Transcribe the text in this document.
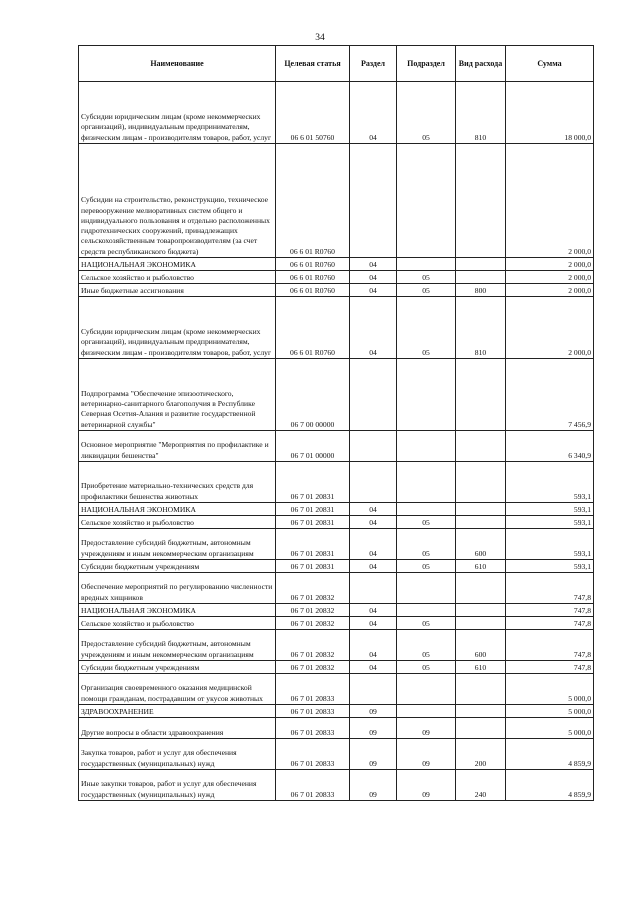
34
Наименование	Целевая статья	Раздел	Подраздел	Вид расхода	Сумма
Субсидии юридическим лицам (кроме некоммерческих организаций), индивидуальным предпринимателям, физическим лицам - производителям товаров, работ, услуг	06 6 01 50760	04	05	810	18 000,0
Субсидии на строительство, реконструкцию, техническое перевооружение мелиоративных систем общего и индивидуального пользования и отдельно расположенных гидротехнических сооружений, принадлежащих сельскохозяйственным товаропроизводителям (за счет средств республиканского бюджета)	06 6 01 R0760				2 000,0
НАЦИОНАЛЬНАЯ ЭКОНОМИКА	06 6 01 R0760	04			2 000,0
Сельское хозяйство и рыболовство	06 6 01 R0760	04	05		2 000,0
Иные бюджетные ассигнования	06 6 01 R0760	04	05	800	2 000,0
Субсидии юридическим лицам (кроме некоммерческих организаций), индивидуальным предпринимателям, физическим лицам - производителям товаров, работ, услуг	06 6 01 R0760	04	05	810	2 000,0
Подпрограмма "Обеспечение эпизоотического, ветеринарно-санитарного благополучия в Республике Северная Осетия-Алания и развитие государственной ветеринарной службы"	06 7 00 00000				7 456,9
Основное мероприятие "Мероприятия по профилактике и ликвидации бешенства"	06 7 01 00000				6 340,9
Приобретение материально-технических средств для профилактики бешенства животных	06 7 01 20831				593,1
НАЦИОНАЛЬНАЯ ЭКОНОМИКА	06 7 01 20831	04			593,1
Сельское хозяйство и рыболовство	06 7 01 20831	04	05		593,1
Предоставление субсидий бюджетным, автономным учреждениям и иным некоммерческим организациям	06 7 01 20831	04	05	600	593,1
Субсидии бюджетным учреждениям	06 7 01 20831	04	05	610	593,1
Обеспечение мероприятий по регулированию численности вредных хищников	06 7 01 20832				747,8
НАЦИОНАЛЬНАЯ ЭКОНОМИКА	06 7 01 20832	04			747,8
Сельское хозяйство и рыболовство	06 7 01 20832	04	05		747,8
Предоставление субсидий бюджетным, автономным учреждениям и иным некоммерческим организациям	06 7 01 20832	04	05	600	747,8
Субсидии бюджетным учреждениям	06 7 01 20832	04	05	610	747,8
Организация своевременного оказания медицинской помощи гражданам, пострадавшим от укусов животных	06 7 01 20833				5 000,0
ЗДРАВООХРАНЕНИЕ	06 7 01 20833	09			5 000,0
Другие вопросы в области здравоохранения	06 7 01 20833	09	09		5 000,0
Закупка товаров, работ и услуг для обеспечения государственных (муниципальных) нужд	06 7 01 20833	09	09	200	4 859,9
Иные закупки товаров, работ и услуг для обеспечения государственных (муниципальных) нужд	06 7 01 20833	09	09	240	4 859,9
